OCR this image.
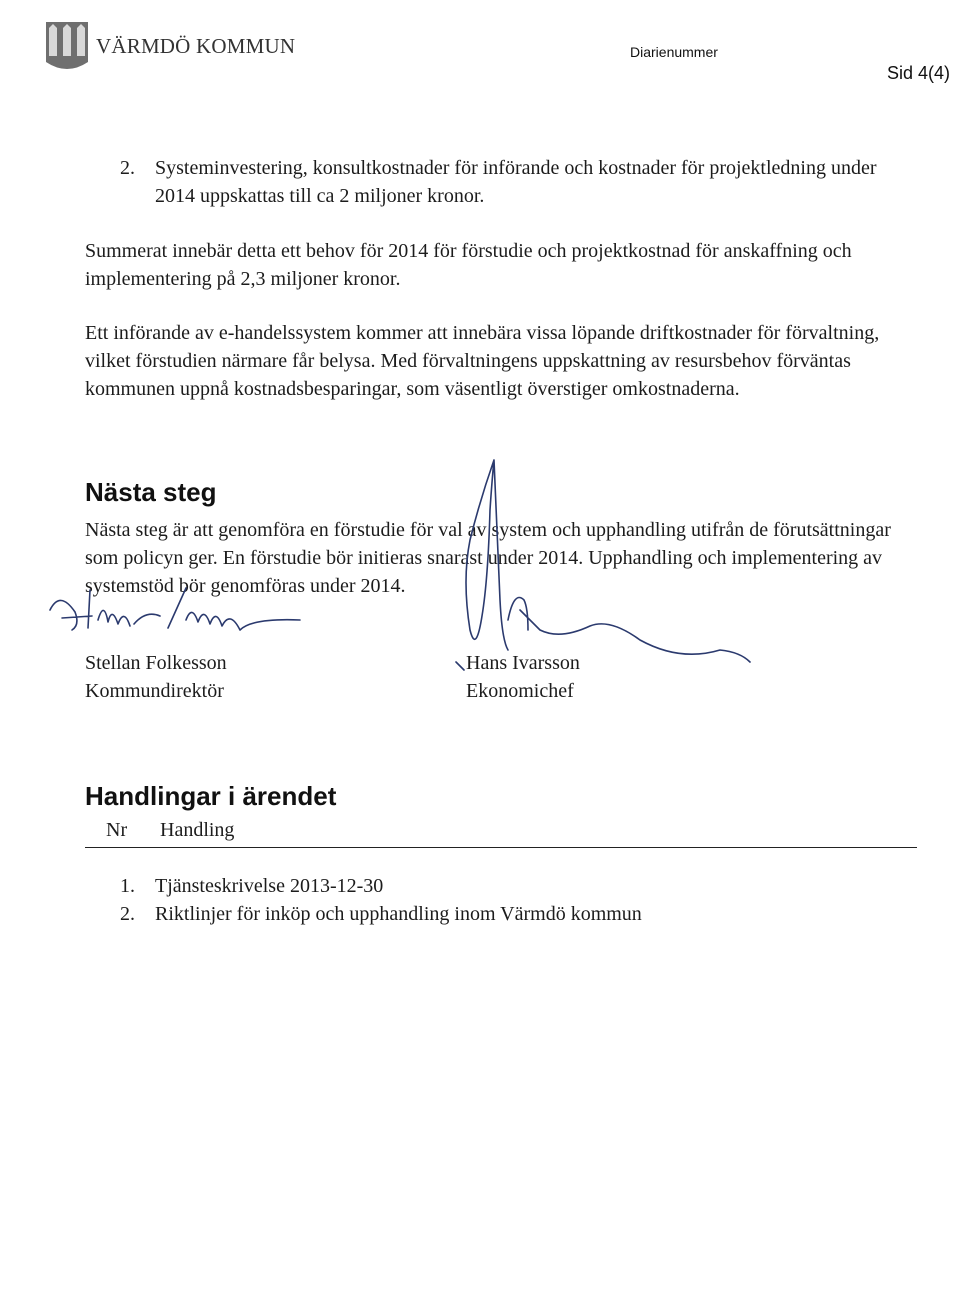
VÄRMDÖ KOMMUN	Diarienummer
Sid 4(4)
2. Systeminvestering, konsultkostnader för införande och kostnader för projektledning under 2014 uppskattas till ca 2 miljoner kronor.
Summerat innebär detta ett behov för 2014 för förstudie och projektkostnad för anskaffning och implementering på 2,3 miljoner kronor.
Ett införande av e-handelssystem kommer att innebära vissa löpande driftkostnader för förvaltning, vilket förstudien närmare får belysa. Med förvaltningens uppskattning av resursbehov förväntas kommunen uppnå kostnadsbesparingar, som väsentligt överstiger omkostnaderna.
Nästa steg
Nästa steg är att genomföra en förstudie för val av system och upphandling utifrån de förutsättningar som policyn ger. En förstudie bör initieras snarast under 2014. Upphandling och implementering av systemstöd bör genomföras under 2014.
Stellan Folkesson
Kommundirektör
Hans Ivarsson
Ekonomichef
Handlingar i ärendet
Nr Handling
1. Tjänsteskrivelse 2013-12-30
2. Riktlinjer för inköp och upphandling inom Värmdö kommun
